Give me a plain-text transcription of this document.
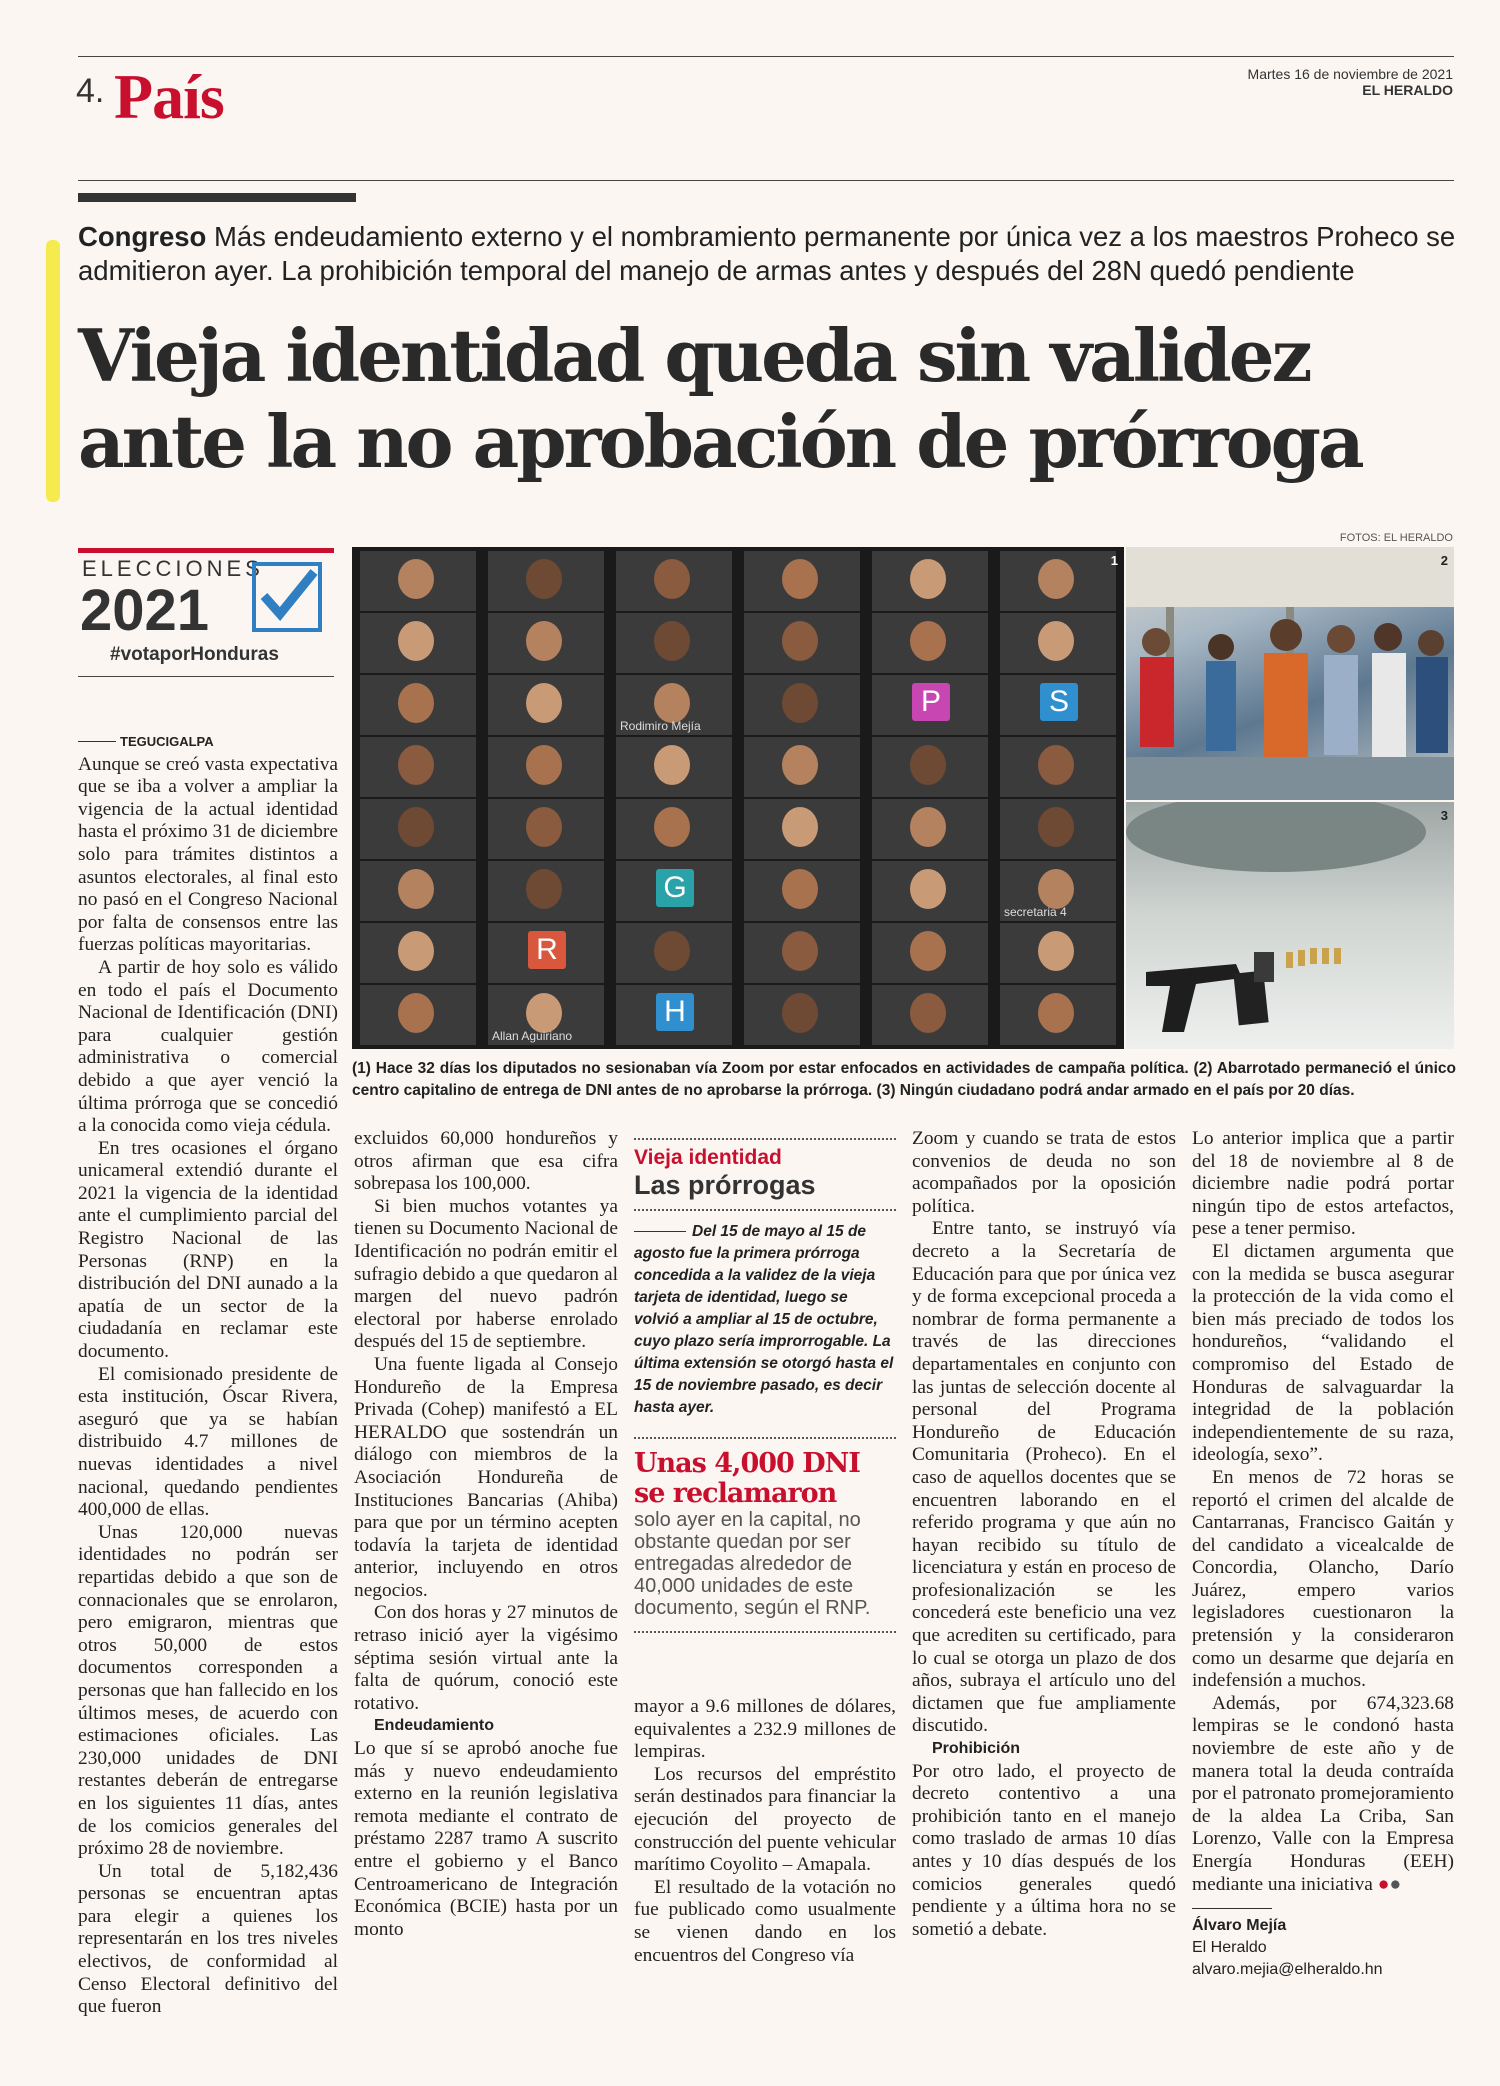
4. País	Martes 16 de noviembre de 2021
EL HERALDO
Congreso Más endeudamiento externo y el nombramiento permanente por única vez a los maestros Proheco se admitieron ayer. La prohibición temporal del manejo de armas antes y después del 28N quedó pendiente
Vieja identidad queda sin validez
ante la no aprobación de prórroga
ELECCIONES
2021
#votaporHonduras
FOTOS: EL HERALDO
Rodimiro Mejía
P	S
G
secretaria 4
R
Allan Aguiriano
H
1	2
3
(1) Hace 32 días los diputados no sesionaban vía Zoom por estar enfocados en actividades de campaña política. (2) Abarrotado permaneció el único centro capitalino de entrega de DNI antes de no aprobarse la prórroga. (3) Ningún ciudadano podrá andar armado en el país por 20 días.

TEGUCIGALPA

Aunque se creó vasta expectativa que se iba a volver a ampliar la vigencia de la actual identidad hasta el próximo 31 de diciembre solo para trámites distintos a asuntos electorales, al final esto no pasó en el Congreso Nacional por falta de consensos entre las fuerzas políticas mayoritarias.

A partir de hoy solo es válido en todo el país el Documento Nacional de Identificación (DNI) para cualquier gestión administrativa o comercial debido a que ayer venció la última prórroga que se concedió a la conocida como vieja cédula.

En tres ocasiones el órgano unicameral extendió durante el 2021 la vigencia de la identidad ante el cumplimiento parcial del Registro Nacional de las Personas (RNP) en la distribución del DNI aunado a la apatía de un sector de la ciudadanía en reclamar este documento.

El comisionado presidente de esta institución, Óscar Rivera, aseguró que ya se habían distribuido 4.7 millones de nuevas identidades a nivel nacional, quedando pendientes 400,000 de ellas.

Unas 120,000 nuevas identidades no podrán ser repartidas debido a que son de connacionales que se enrolaron, pero emigraron, mientras que otros 50,000 de estos documentos corresponden a personas que han fallecido en los últimos meses, de acuerdo con estimaciones oficiales. Las 230,000 unidades de DNI restantes deberán de entregarse en los siguientes 11 días, antes de los comicios generales del próximo 28 de noviembre.

Un total de 5,182,436 personas se encuentran aptas para elegir a quienes los representarán en los tres niveles electivos, de conformidad al Censo Electoral definitivo del que fueron

excluidos 60,000 hondureños y otros afirman que esa cifra sobrepasa los 100,000.

Si bien muchos votantes ya tienen su Documento Nacional de Identificación no podrán emitir el sufragio debido a que quedaron al margen del nuevo padrón electoral por haberse enrolado después del 15 de septiembre.

Una fuente ligada al Consejo Hondureño de la Empresa Privada (Cohep) manifestó a EL HERALDO que sostendrán un diálogo con miembros de la Asociación Hondureña de Instituciones Bancarias (Ahiba) para que por un término acepten todavía la tarjeta de identidad anterior, incluyendo en otros negocios.

Con dos horas y 27 minutos de retraso inició ayer la vigésimo séptima sesión virtual ante la falta de quórum, conoció este rotativo.

Endeudamiento

Lo que sí se aprobó anoche fue más y nuevo endeudamiento externo en la reunión legislativa remota mediante el contrato de préstamo 2287 tramo A suscrito entre el gobierno y el Banco Centroamericano de Integración Económica (BCIE) hasta por un monto

Vieja identidad
Las prórrogas
Del 15 de mayo al 15 de agosto fue la primera prórroga concedida a la validez de la vieja tarjeta de identidad, luego se volvió a ampliar al 15 de octubre, cuyo plazo sería improrrogable. La última extensión se otorgó hasta el 15 de noviembre pasado, es decir hasta ayer.
Unas 4,000 DNI se reclamaron
solo ayer en la capital, no obstante quedan por ser entregadas alrededor de 40,000 unidades de este documento, según el RNP.

mayor a 9.6 millones de dólares, equivalentes a 232.9 millones de lempiras.

Los recursos del empréstito serán destinados para financiar la ejecución del proyecto de construcción del puente vehicular marítimo Coyolito – Amapala.

El resultado de la votación no fue publicado como usualmente se vienen dando en los encuentros del Congreso vía

Zoom y cuando se trata de estos convenios de deuda no son acompañados por la oposición política.

Entre tanto, se instruyó vía decreto a la Secretaría de Educación para que por única vez y de forma excepcional proceda a nombrar de forma permanente a través de las direcciones departamentales en conjunto con las juntas de selección docente al personal del Programa Hondureño de Educación Comunitaria (Proheco). En el caso de aquellos docentes que se encuentren laborando en el referido programa y que aún no hayan recibido su título de licenciatura y están en proceso de profesionalización se les concederá este beneficio una vez que acrediten su certificado, para lo cual se otorga un plazo de dos años, subraya el artículo uno del dictamen que fue ampliamente discutido.

Prohibición

Por otro lado, el proyecto de decreto contentivo a una prohibición tanto en el manejo como traslado de armas 10 días antes y 10 días después de los comicios generales quedó pendiente y a última hora no se sometió a debate.

Lo anterior implica que a partir del 18 de noviembre al 8 de diciembre nadie podrá portar ningún tipo de estos artefactos, pese a tener permiso.

El dictamen argumenta que con la medida se busca asegurar la protección de la vida como el bien más preciado de todos los hondureños, “validando el compromiso del Estado de Honduras de salvaguardar la integridad de la población independientemente de su raza, ideología, sexo”.

En menos de 72 horas se reportó el crimen del alcalde de Cantarranas, Francisco Gaitán y del candidato a vicealcalde de Concordia, Olancho, Darío Juárez, empero varios legisladores cuestionaron la pretensión y la consideraron como un desarme que dejaría en indefensión a muchos.

Además, por 674,323.68 lempiras se le condonó hasta noviembre de este año y de manera total la deuda contraída por el patronato promejoramiento de la aldea La Criba, San Lorenzo, Valle con la Empresa Energía Honduras (EEH) mediante una iniciativa ●●

Álvaro Mejía
El Heraldo
alvaro.mejia@elheraldo.hn
